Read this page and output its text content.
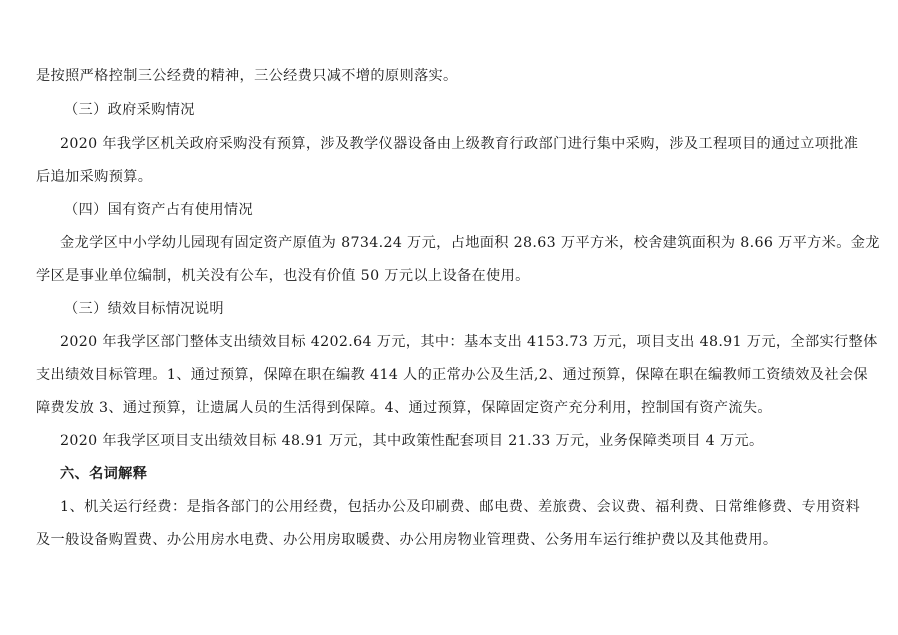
是按照严格控制三公经费的精神，三公经费只减不增的原则落实。
（三）政府采购情况
2020 年我学区机关政府采购没有预算，涉及教学仪器设备由上级教育行政部门进行集中采购，涉及工程项目的通过立项批准
后追加采购预算。
（四）国有资产占有使用情况
金龙学区中小学幼儿园现有固定资产原值为 8734.24 万元，占地面积 28.63 万平方米，校舍建筑面积为 8.66 万平方米。金龙
学区是事业单位编制，机关没有公车，也没有价值 50 万元以上设备在使用。
（三）绩效目标情况说明
2020 年我学区部门整体支出绩效目标 4202.64 万元，其中：基本支出 4153.73 万元，项目支出 48.91 万元，全部实行整体
支出绩效目标管理。1、通过预算，保障在职在编教 414 人的正常办公及生活,2、通过预算，保障在职在编教师工资绩效及社会保
障费发放 3、通过预算，让遗属人员的生活得到保障。4、通过预算，保障固定资产充分利用，控制国有资产流失。
2020 年我学区项目支出绩效目标 48.91 万元，其中政策性配套项目 21.33 万元，业务保障类项目 4 万元。
六、名词解释
1、机关运行经费：是指各部门的公用经费，包括办公及印刷费、邮电费、差旅费、会议费、福利费、日常维修费、专用资料
及一般设备购置费、办公用房水电费、办公用房取暖费、办公用房物业管理费、公务用车运行维护费以及其他费用。
